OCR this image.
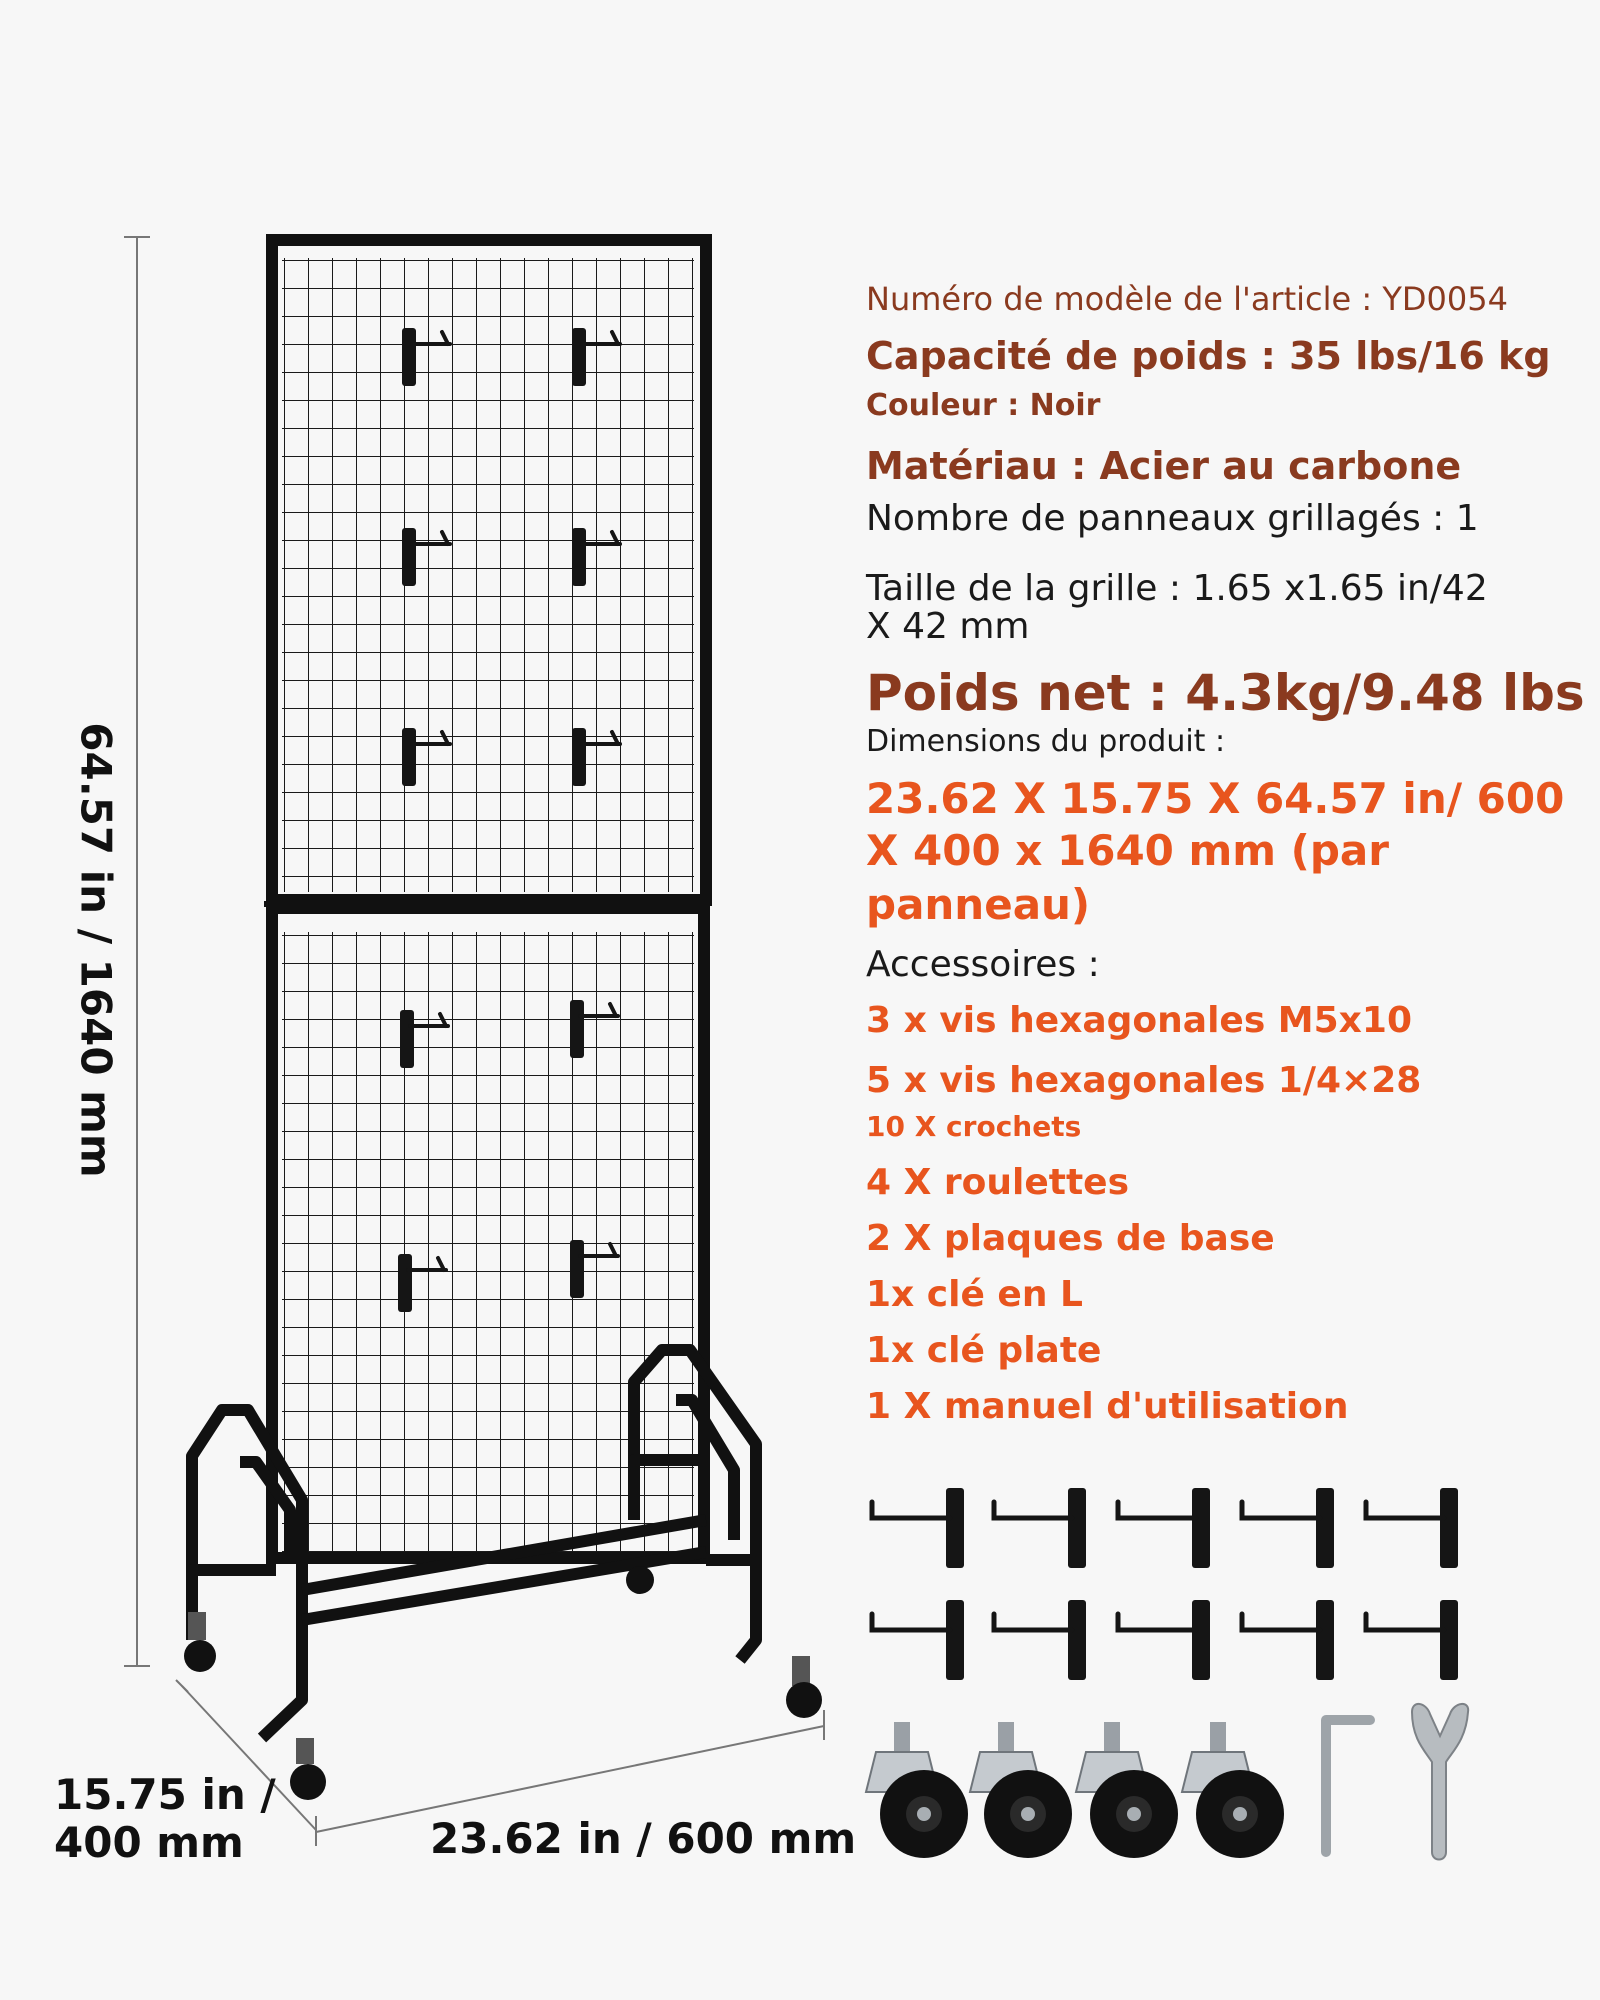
64.57 in / 1640 mm
15.75 in /
400 mm	23.62 in / 600 mm
Numéro de modèle de l'article : YD0054
Capacité de poids : 35 lbs/16 kg
Couleur : Noir
Matériau : Acier au carbone
Nombre de panneaux grillagés : 1
Taille de la grille : 1.65 x1.65 in/42
X 42 mm
Poids net : 4.3kg/9.48 lbs
Dimensions du produit :
23.62 X 15.75 X 64.57 in/ 600
X 400 x 1640 mm (par
panneau)
Accessoires :
3 x vis hexagonales M5x10
5 x vis hexagonales 1/4×28
10 X crochets
4 X roulettes
2 X plaques de base
1x clé en L
1x clé plate
1 X manuel d'utilisation
